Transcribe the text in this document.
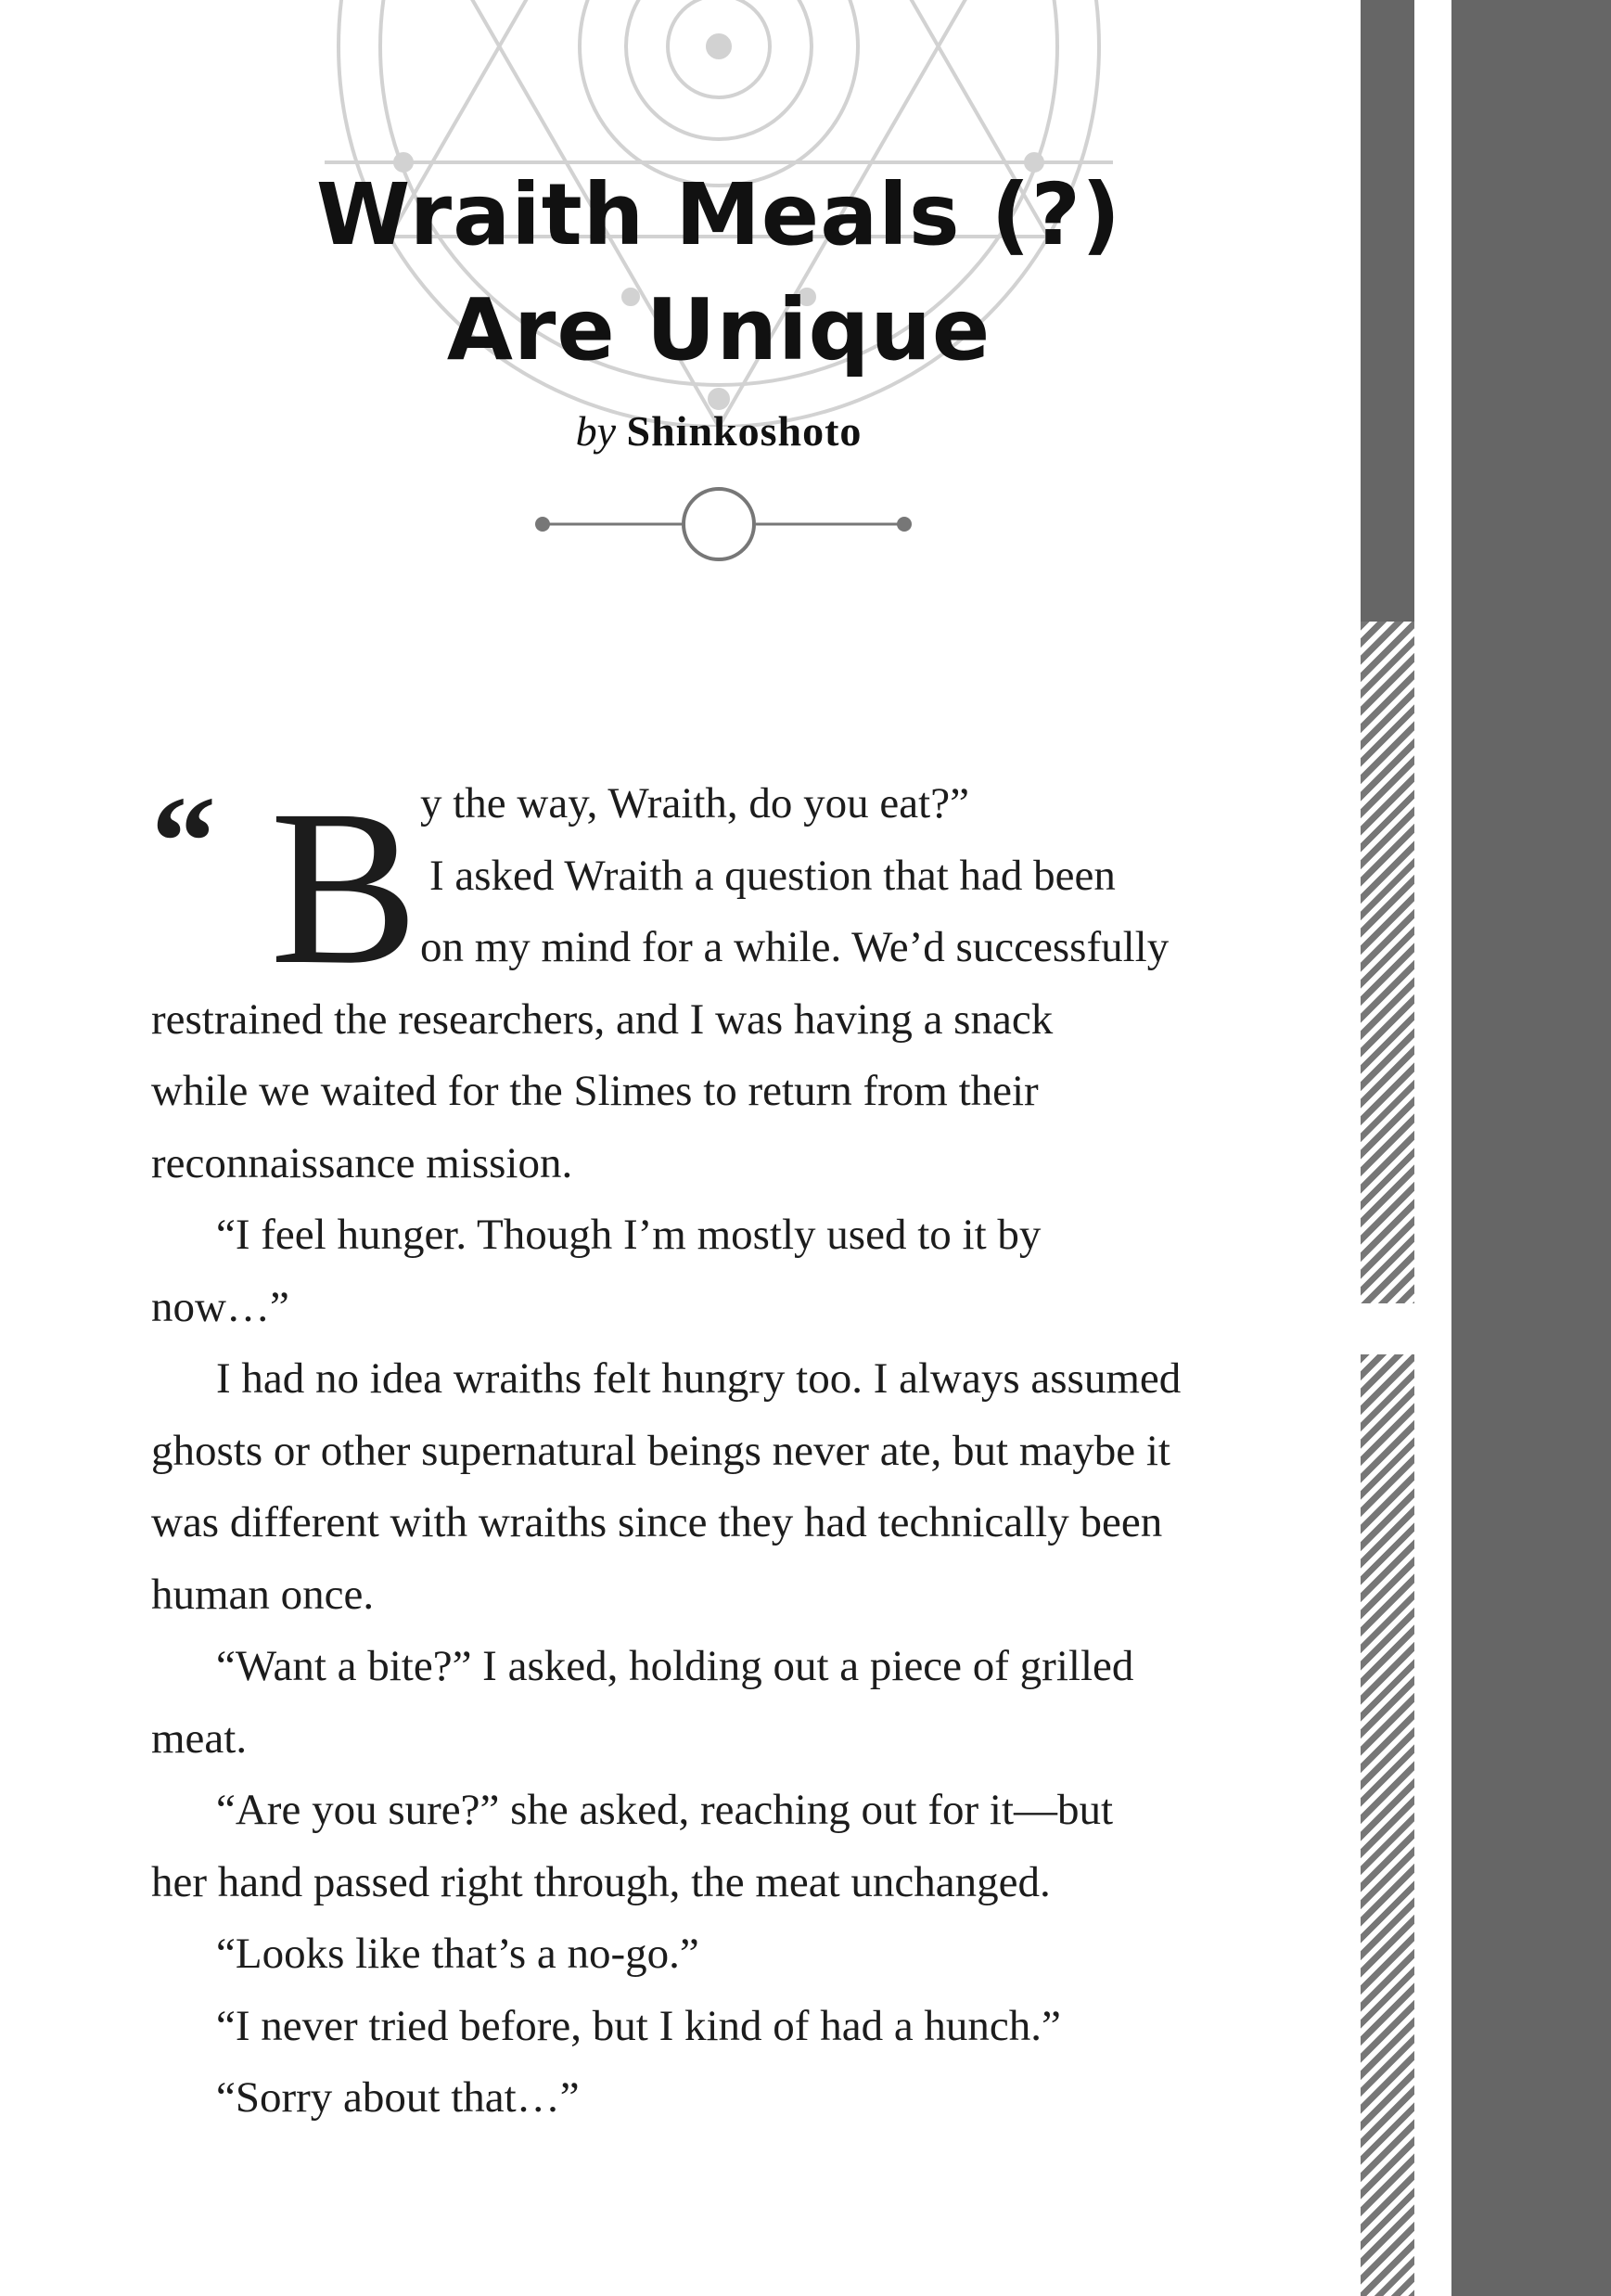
Wraith Meals (?)
Are Unique
by Shinkoshoto
“ B y the way, Wraith, do you eat?”

I asked Wraith a question that had been

on my mind for a while. We’d successfully

restrained the researchers, and I was having a snack

while we waited for the Slimes to return from their

reconnaissance mission.

“I feel hunger. Though I’m mostly used to it by

now…”

I had no idea wraiths felt hungry too. I always assumed

ghosts or other supernatural beings never ate, but maybe it

was different with wraiths since they had technically been

human once.

“Want a bite?” I asked, holding out a piece of grilled

meat.

“Are you sure?” she asked, reaching out for it—but

her hand passed right through, the meat unchanged.

“Looks like that’s a no-go.”

“I never tried before, but I kind of had a hunch.”

“Sorry about that…”
